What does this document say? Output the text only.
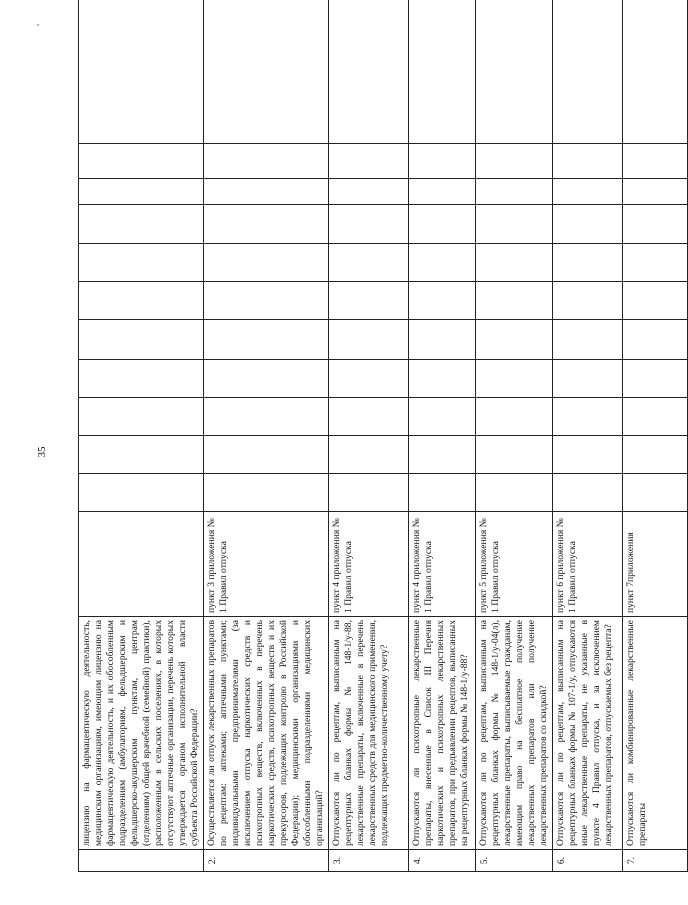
35
	лицензию на фармацевтическую деятельность, медицинским организациям, имеющим лицензию на фармацевтическую деятельность, и их обособленным подразделениям (амбулаториям, фельдшерским и фельдшерско-акушерским пунктам, центрам (отделениям) общей врачебной (семейной) практики), расположенным в сельских поселениях, в которых отсутствуют аптечные организации, перечень которых утверждается органом исполнительной власти субъекта Российской Федерации?												
2.	Осуществляется ли отпуск лекарственных препаратов по рецептам: аптеками; аптечными пунктами; индивидуальными предпринимателями (за исключением отпуска наркотических средств и психотропных веществ, включенных в перечень наркотических средств, психотропных веществ и их прекурсоров, подлежащих контролю в Российской Федерации); медицинскими организациями и обособленными подразделениями медицинских организаций?	пункт 3 приложения № 1 Правил отпуска											
3.	Отпускаются ли по рецептам, выписанным на рецептурных бланках формы № 148-1/у-88, лекарственные препараты, включенные в перечень лекарственных средств для медицинского применения, подлежащих предметно-количественному учету?	пункт 4 приложения № 1 Правил отпуска											
4.	Отпускаются ли психотропные лекарственные препараты, внесенные в Список III Перечня наркотических и психотропных лекарственных препаратов, при предъявлении рецептов, выписанных на рецептурных бланках формы № 148-1/у-88?	пункт 4 приложения № 1 Правил отпуска											
5.	Отпускаются ли по рецептам, выписанным на рецептурных бланках формы № 148-1/у-04(л), лекарственные препараты, выписываемые гражданам, имеющим право на бесплатное получение лекарственных препаратов или получение лекарственных препаратов со скидкой?	пункт 5 приложения № 1 Правил отпуска											
6.	Отпускаются ли по рецептам, выписанным на рецептурных бланках формы № 107-1/у, отпускаются иные лекарственные препараты, не указанные в пункте 4 Правил отпуска, и за исключением лекарственных препаратов, отпускаемых без рецепта?	пункт 6 приложения № 1 Правил отпуска											
7.	Отпускаются ли комбинированные лекарственные препараты	пункт 7приложения											
